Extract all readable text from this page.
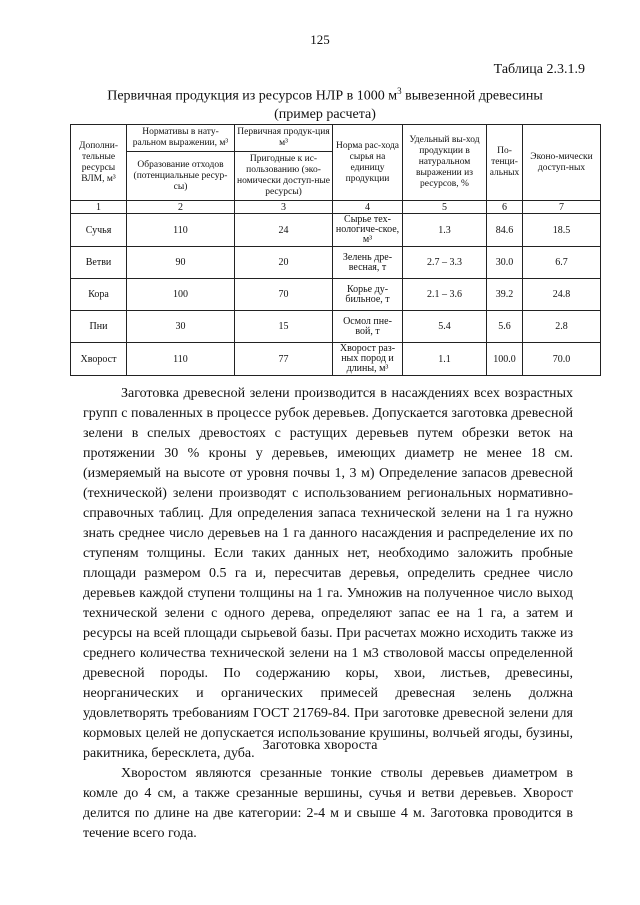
125
Таблица 2.3.1.9
Первичная продукция из ресурсов НЛР в 1000 $м^3$ вывезенной древесины
(пример расчета)
Дополни-тельные ресурсы ВЛМ, м³	Нормативы в нату-ральном выражении, м³	Первичная продук-ция м³	Норма рас-хода сырья на единицу продукции	Удельный вы-ход продукции в натуральном выражении из ресурсов, %	По-тенци-альных	Эконо-мически доступ-ных
	Образование отходов (потенциальные ресур-сы)	Пригодные к ис-пользованию (эко-номически доступ-ные ресурсы)				
1	2	3	4	5	6	7
Сучья	110	24	Сырье тех-нологиче-ское, м³	1.3	84.6	18.5
Ветви	90	20	Зелень дре-весная, т	2.7 – 3.3	30.0	6.7
Кора	100	70	Корье ду-бильное, т	2.1 – 3.6	39.2	24.8
Пни	30	15	Осмол пне-вой, т	5.4	5.6	2.8
Хворост	110	77	Хворост раз-ных пород и длины, м³	1.1	100.0	70.0

Заготовка древесной зелени производится в насаждениях всех возрастных групп с поваленных в процессе рубок деревьев. Допускается заготовка древесной зелени в спелых древостоях с растущих деревьев путем обрезки веток на протяжении 30 % кроны у деревьев, имеющих диаметр не менее 18 см. (измеряемый на высоте от уровня почвы 1, 3 м) Определение запасов древесной (технической) зелени производят с использованием региональных нормативно-справочных таблиц. Для определения запаса технической зелени на 1 га нужно знать среднее число деревьев на 1 га данного насаждения и распределение их по ступеням толщины. Если таких данных нет, необходимо заложить пробные площади размером 0.5 га и, пересчитав деревья, определить среднее число деревьев каждой ступени толщины на 1 га. Умножив на полученное число выход технической зелени с одного дерева, определяют запас ее на 1 га, а затем и ресурсы на всей площади сырьевой базы. При расчетах можно исходить также из среднего количества технической зелени на 1 м3 стволовой массы определенной древесной породы. По содержанию коры, хвои, листьев, древесины, неорганических и органических примесей древесная зелень должна удовлетворять требованиям ГОСТ 21769-84. При заготовке древесной зелени для кормовых целей не допускается использование крушины, волчьей ягоды, бузины, ракитника, бересклета, дуба.

Заготовка хвороста

Хворостом являются срезанные тонкие стволы деревьев диаметром в комле до 4 см, а также срезанные вершины, сучья и ветви деревьев. Хворост делится по длине на две категории: 2-4 м и свыше 4 м. Заготовка проводится в течение всего года.
